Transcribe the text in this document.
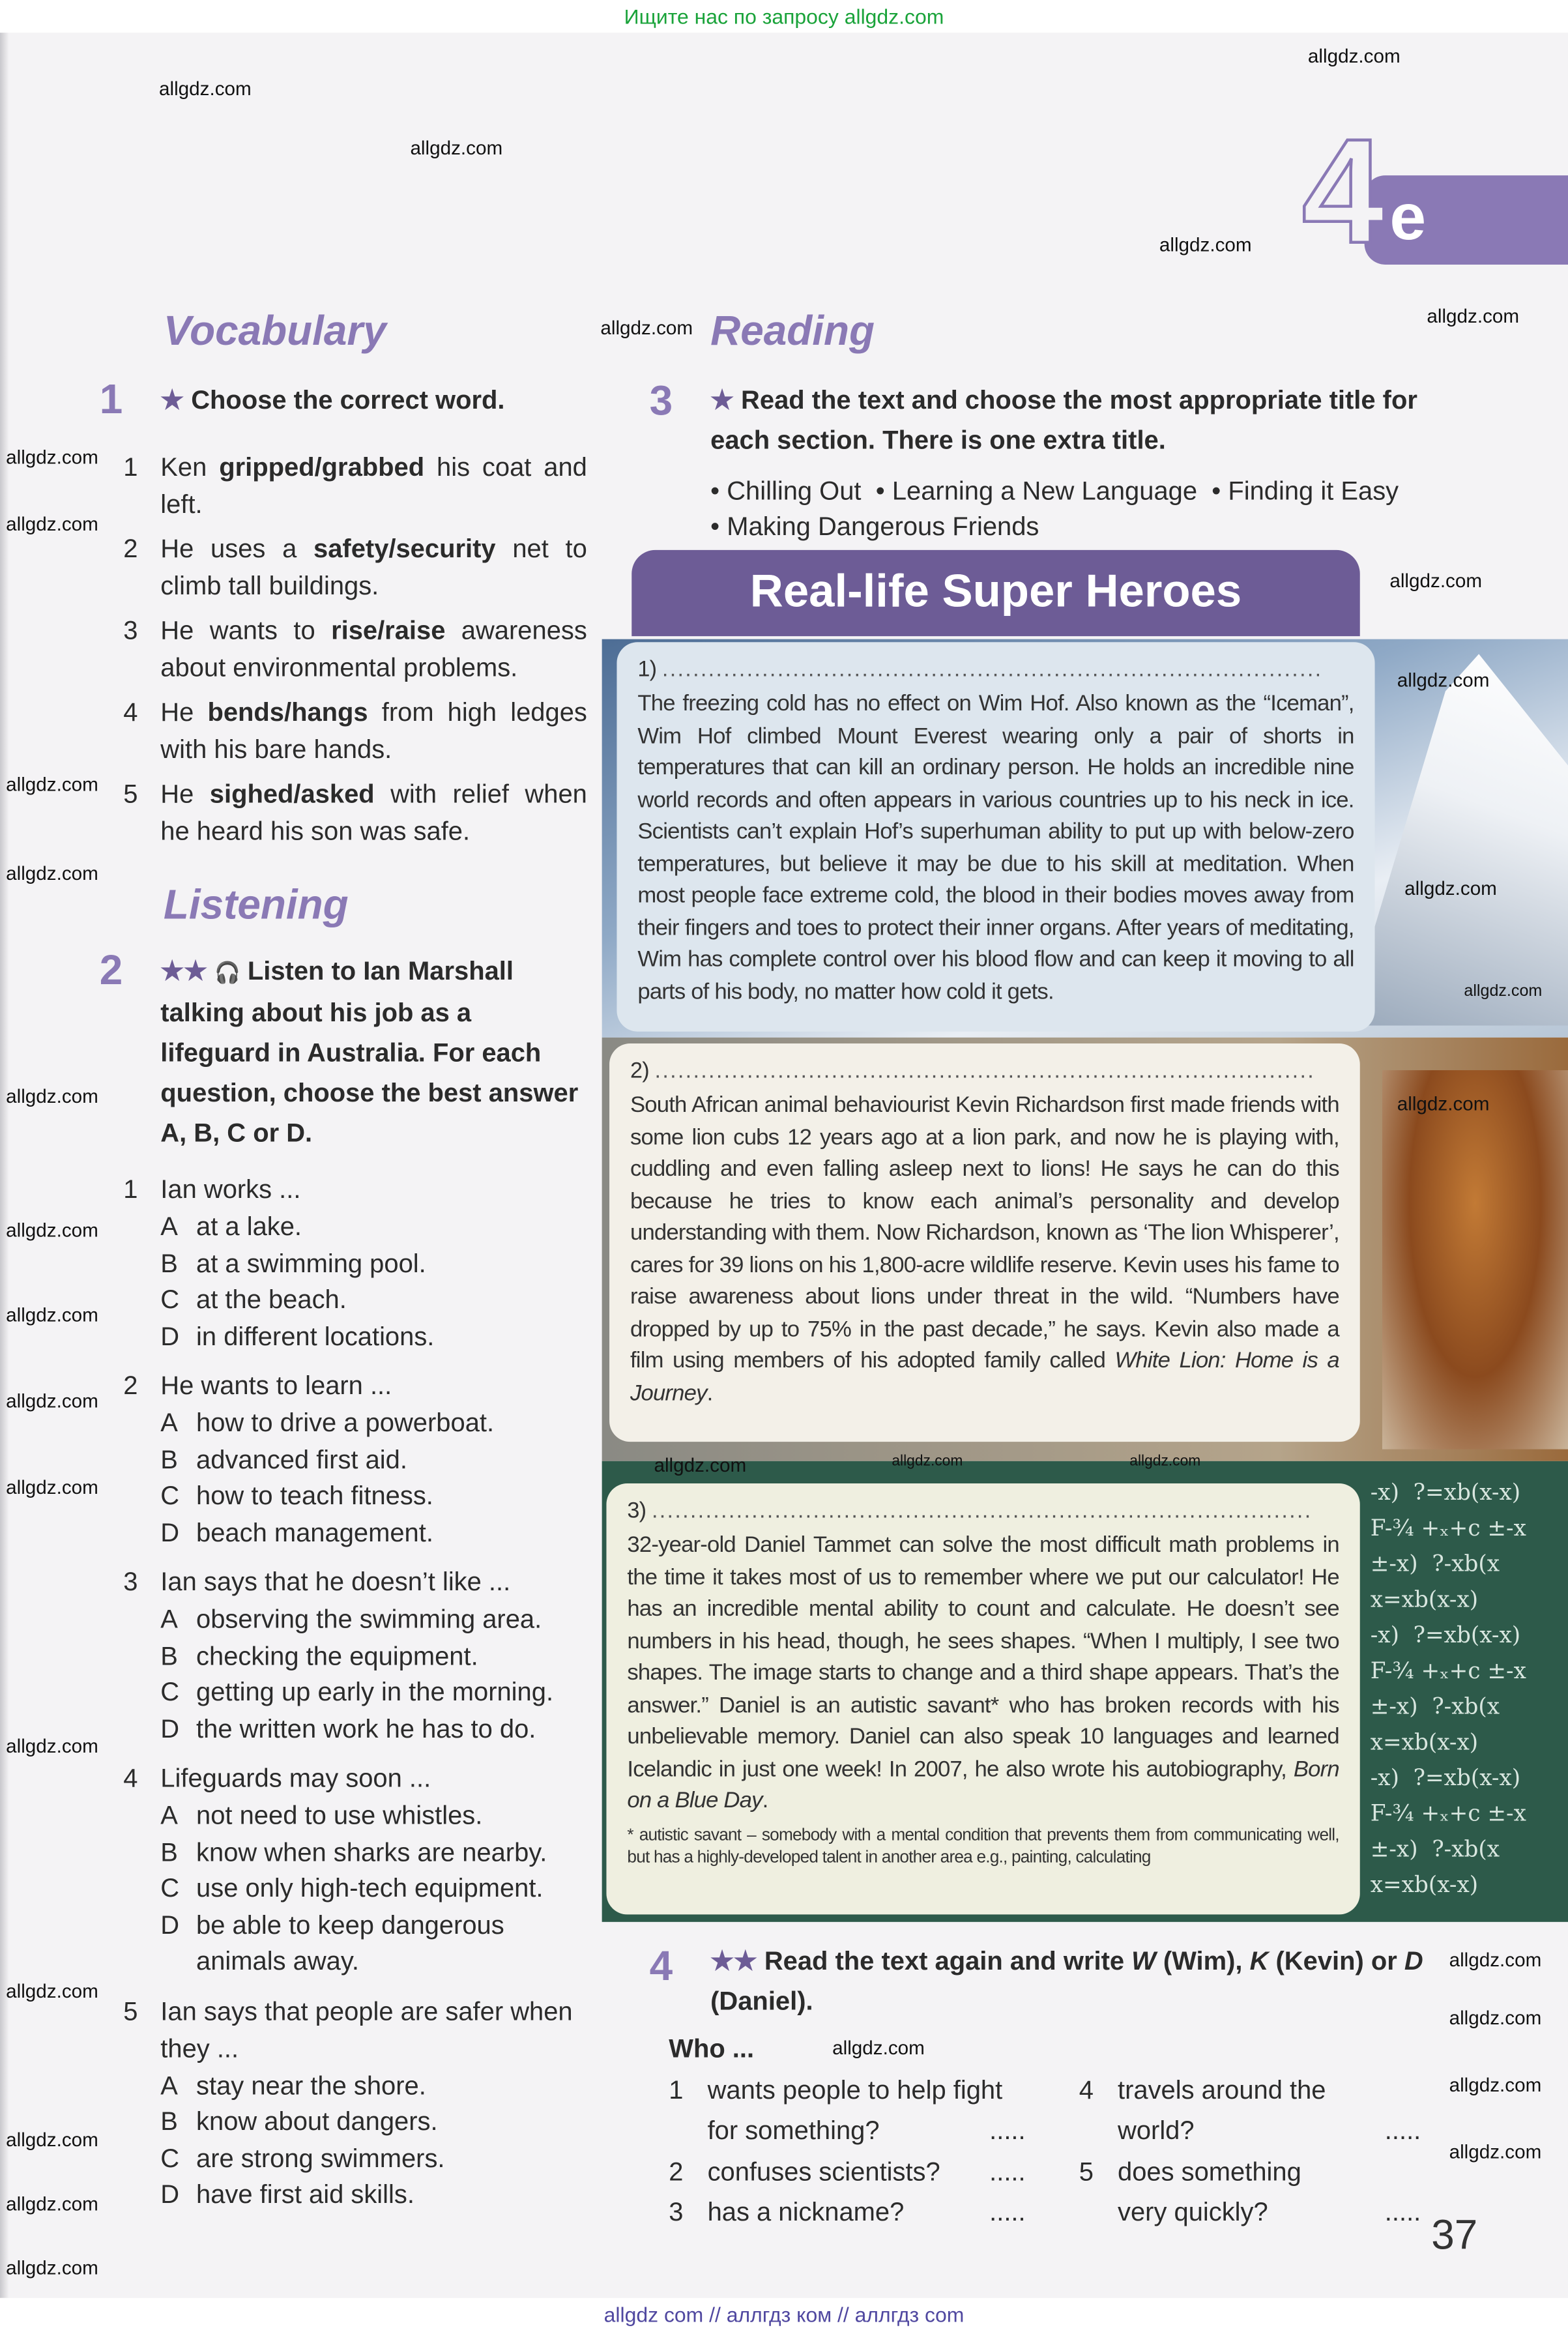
Ищите нас по запросу allgdz.com
4 e
Vocabulary
1	★ Choose the correct word.
1 Ken gripped/grabbed his coat and left.
2 He uses a safety/security net to climb tall buildings.
3 He wants to rise/raise awareness about environmental problems.
4 He bends/hangs from high ledges with his bare hands.
5 He sighed/asked with relief when he heard his son was safe.
Listening
2	★★ 🎧 Listen to Ian Marshall talking about his job as a lifeguard in Australia. For each question, choose the best answer A, B, C or D.
1 Ian works ...
A	at a lake.
B	at a swimming pool.
C	at the beach.
D	in different locations.
2 He wants to learn ...
A	how to drive a powerboat.
B	advanced first aid.
C	how to teach fitness.
D	beach management.
3 Ian says that he doesn’t like ...
A	observing the swimming area.
B	checking the equipment.
C	getting up early in the morning.
D	the written work he has to do.
4 Lifeguards may soon ...
A	not need to use whistles.
B	know when sharks are nearby.
C	use only high-tech equipment.
D	be able to keep dangerous animals away.
5 Ian says that people are safer when they ...
A	stay near the shore.
B	know about dangers.
C	are strong swimmers.
D	have first aid skills.
Reading
3	★ Read the text and choose the most appropriate title for each section. There is one extra title.
• Chilling Out • Learning a New Language • Finding it Easy
• Making Dangerous Friends
-x)  ?=xb(x-x)
F-¾ +ₓ+c ±-x
±-x)  ?-xb(x
x=xb(x-x)
-x)  ?=xb(x-x)
F-¾ +ₓ+c ±-x
±-x)  ?-xb(x
x=xb(x-x)
-x)  ?=xb(x-x)
F-¾ +ₓ+c ±-x
±-x)  ?-xb(x
x=xb(x-x)
Real-life Super Heroes
1) ......................................................................................
The freezing cold has no effect on Wim Hof. Also known as the “Iceman”, Wim Hof climbed Mount Everest wearing only a pair of shorts in temperatures that can kill an ordinary person. He holds an incredible nine world records and often appears in various countries up to his neck in ice. Scientists can’t explain Hof’s superhuman ability to put up with below-zero temperatures, but believe it may be due to his skill at meditation. When most people face extreme cold, the blood in their bodies moves away from their fingers and toes to protect their inner organs. After years of meditating, Wim has complete control over his blood flow and can keep it moving to all parts of his body, no matter how cold it gets.
2) ......................................................................................
South African animal behaviourist Kevin Richardson first made friends with some lion cubs 12 years ago at a lion park, and now he is playing with, cuddling and even falling asleep next to lions! He says he can do this because he tries to know each animal’s personality and develop understanding with them. Now Richardson, known as ‘The lion Whisperer’, cares for 39 lions on his 1,800-acre wildlife reserve. Kevin uses his fame to raise awareness about lions under threat in the wild. “Numbers have dropped by up to 75% in the past decade,” he says. Kevin also made a film using members of his adopted family called White Lion: Home is a Journey.
3) ......................................................................................
32-year-old Daniel Tammet can solve the most difficult math problems in the time it takes most of us to remember where we put our calculator! He has an incredible mental ability to count and calculate. He doesn’t see numbers in his head, though, he sees shapes. “When I multiply, I see two shapes. The image starts to change and a third shape appears. That’s the answer.” Daniel is an autistic savant* who has broken records with his unbelievable memory. Daniel can also speak 10 languages and learned Icelandic in just one week! In 2007, he also wrote his autobiography, Born on a Blue Day.
* autistic savant – somebody with a mental condition that prevents them from communicating well, but has a highly-developed talent in another area e.g., painting, calculating
4	★★ Read the text again and write W (Wim), K (Kevin) or D (Daniel).
Who ...
1 wants people to help fight for something?	.....
2 confuses scientists?	.....
3 has a nickname?	.....
4 travels around the world?	.....
5 does something very quickly?	.....
37
allgdz.com
allgdz.com
allgdz.com
allgdz.com
allgdz.com
allgdz.com
allgdz.com
allgdz.com
allgdz.com
allgdz.com
allgdz.com
allgdz.com
allgdz.com
allgdz.com
allgdz.com
allgdz.com
allgdz.com
allgdz.com
allgdz.com
allgdz.com
allgdz.com	allgdz.com
allgdz.com
allgdz.com
allgdz.com
allgdz.com
allgdz.com
allgdz.com
allgdz.com
allgdz.com
allgdz.com
allgdz.com
allgdz.com
allgdz com // аллгдз ком // аллгдз com
